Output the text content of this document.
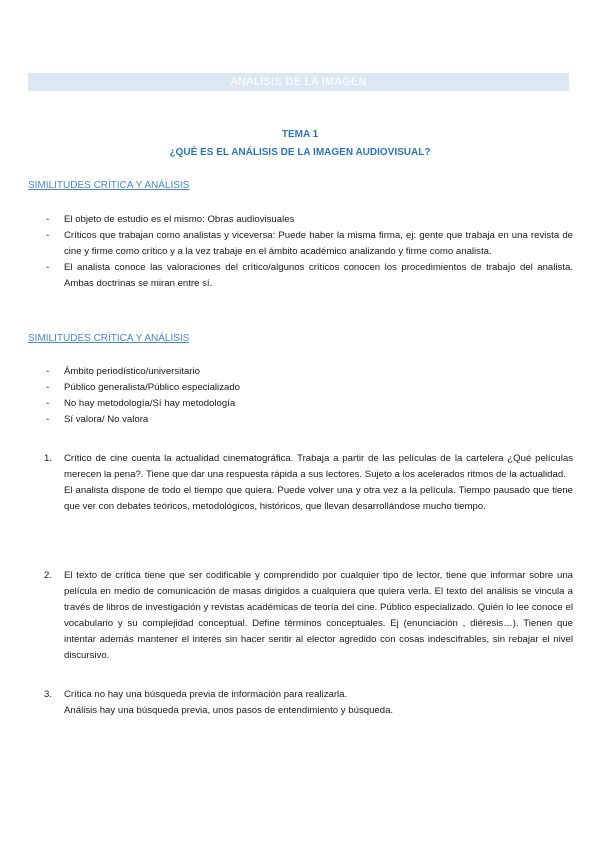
ANÁLISIS DE LA IMAGEN
TEMA 1
¿QUÉ ES EL ANÁLISIS DE LA IMAGEN AUDIOVISUAL?
SIMILITUDES CRÍTICA Y ANÁLISIS
- El objeto de estudio es el mismo: Obras audiovisuales
- Críticos que trabajan como analistas y viceversa: Puede haber la misma firma, ej: gente que trabaja en una revista de cine y firme como crítico y a la vez trabaje en el ámbito académico analizando y firme como analista.
- El analista conoce las valoraciones del crítico/algunos críticos conocen los procedimientos de trabajo del analista. Ambas doctrinas se miran entre sí.
SIMILITUDES CRÍTICA Y ANÁLISIS
- Ámbito periodístico/universitario
- Público generalista/Público especializado
- No hay metodología/Sí hay metodología
- Sí valora/ No valora
1. Crítico de cine cuenta la actualidad cinematográfica. Trabaja a partir de las películas de la cartelera ¿Qué películas merecen la pena?. Tiene que dar una respuesta rápida a sus lectores. Sujeto a los acelerados ritmos de la actualidad.
El analista dispone de todo el tiempo que quiera. Puede volver una y otra vez a la película. Tiempo pausado que tiene que ver con debates teóricos, metodológicos, históricos, que llevan desarrollándose mucho tiempo.
2. El texto de crítica tiene que ser codificable y comprendido por cualquier tipo de lector, tiene que informar sobre una película en medio de comunicación de masas dirigidos a cualquiera que quiera verla. El texto del análisis se vincula a través de libros de investigación y revistas académicas de teoría del cine. Público especializado. Quién lo lee conoce el vocabulario y su complejidad conceptual. Define términos conceptuales. Ej (enunciación , diéresis…). Tienen que intentar además mantener el interés sin hacer sentir al elector agredido con cosas indescifrables, sin rebajar el nivel discursivo.
3. Crítica no hay una búsqueda previa de información para realizarla.
Análisis hay una búsqueda previa, unos pasos de entendimiento y búsqueda.
